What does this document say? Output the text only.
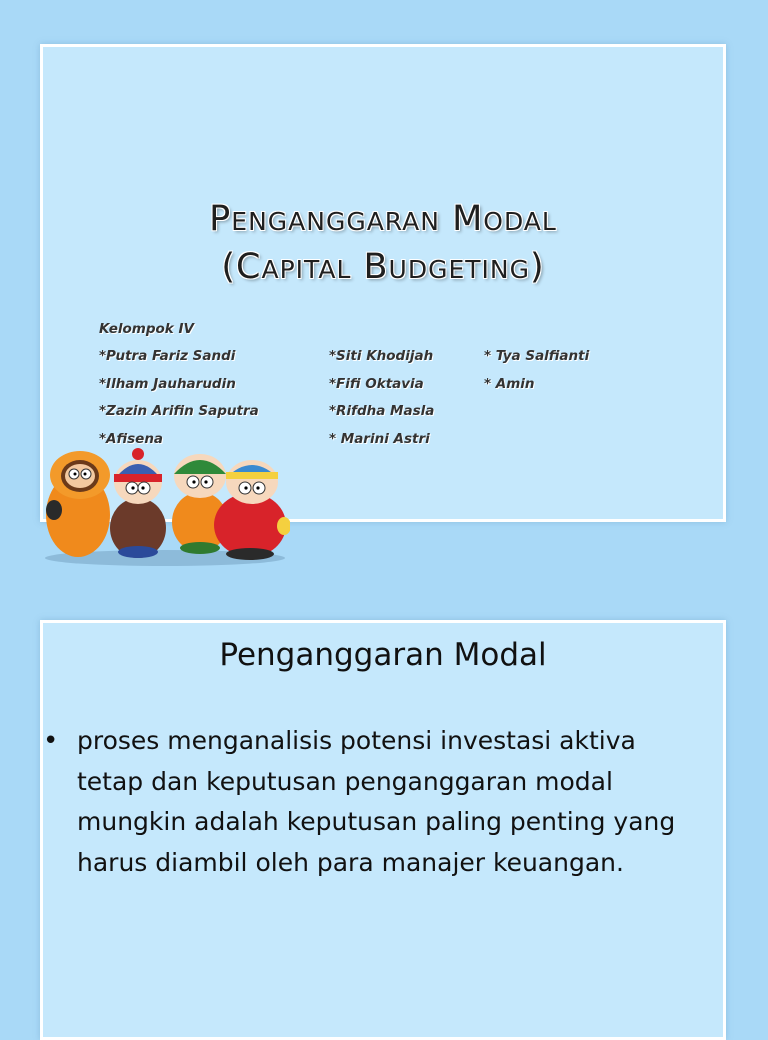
Penganggaran Modal
(Capital Budgeting)
Kelompok IV
*Putra Fariz Sandi
*Ilham Jauharudin
*Zazin Arifin Saputra
*Afisena
*Siti Khodijah
*Fifi Oktavia
*Rifdha Masla
* Marini Astri
* Tya Salfianti
* Amin
Penganggaran Modal
• proses menganalisis potensi investasi aktiva tetap dan keputusan penganggaran modal mungkin adalah keputusan paling penting yang harus diambil oleh para manajer keuangan.
